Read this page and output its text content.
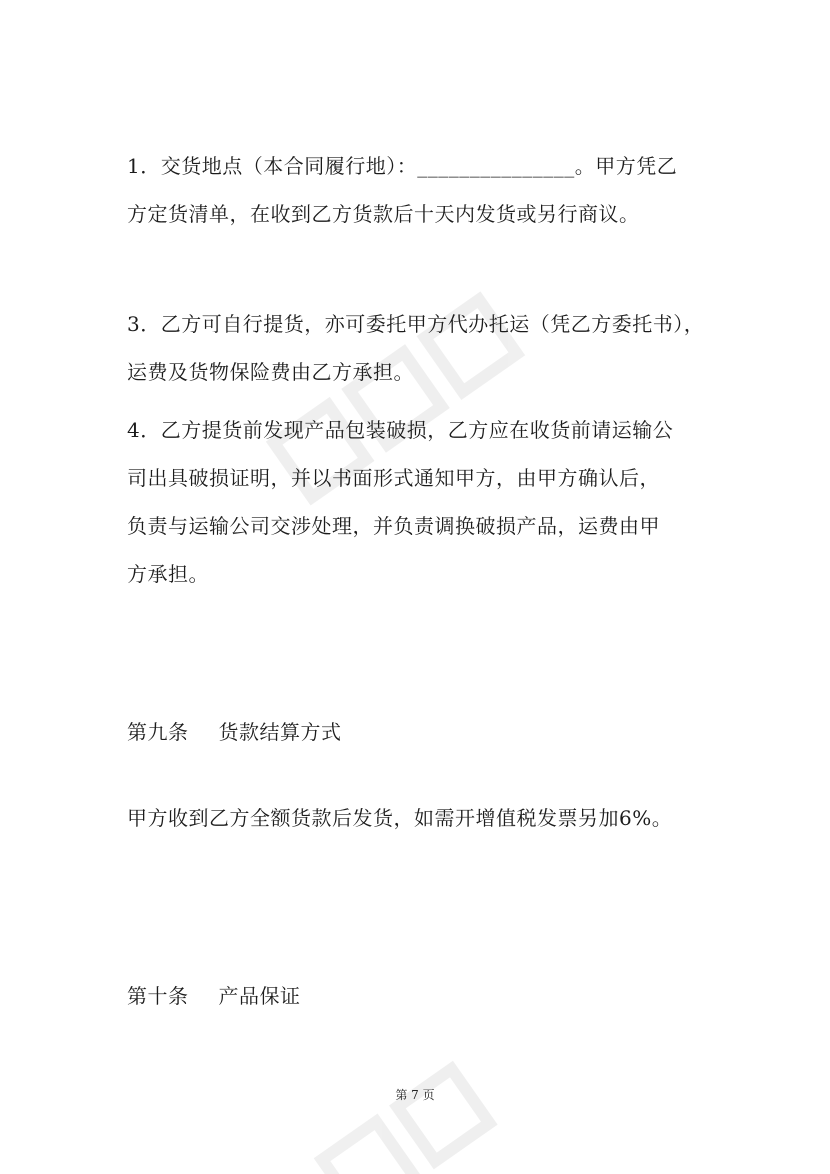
1．交货地点（本合同履行地）：_______________。甲方凭乙
方定货清单，在收到乙方货款后十天内发货或另行商议。

3．乙方可自行提货，亦可委托甲方代办托运（凭乙方委托书），
运费及货物保险费由乙方承担。

4．乙方提货前发现产品包装破损，乙方应在收货前请运输公
司出具破损证明，并以书面形式通知甲方，由甲方确认后，
负责与运输公司交涉处理，并负责调换破损产品，运费由甲
方承担。

第九条 货款结算方式

甲方收到乙方全额货款后发货，如需开增值税发票另加6%。

第十条 产品保证
第 7 页
